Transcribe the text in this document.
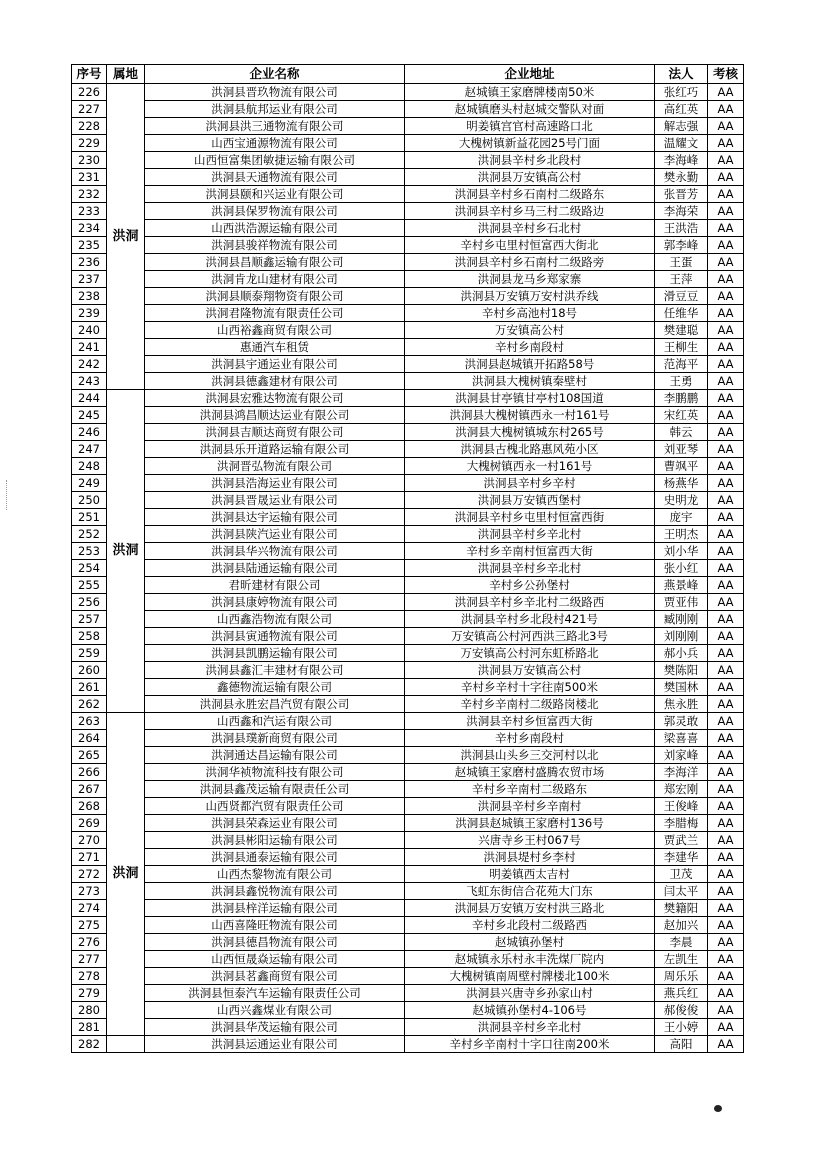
序号	属地	企业名称	企业地址	法人	考核
226	洪洞	洪洞县晋玖物流有限公司	赵城镇王家磨牌楼南50米	张红巧	AA
227		洪洞县航邦运业有限公司	赵城镇磨头村赵城交警队对面	高红英	AA
228		洪洞县洪三通物流有限公司	明姜镇宫官村高速路口北	解志强	AA
229		山西宝通源物流有限公司	大槐树镇新益花园25号门面	温耀文	AA
230		山西恒富集团敏捷运输有限公司	洪洞县辛村乡北段村	李海峰	AA
231		洪洞县天通物流有限公司	洪洞县万安镇高公村	樊永勤	AA
232		洪洞县颐和兴运业有限公司	洪洞县辛村乡石南村二级路东	张晋芳	AA
233		洪洞县保罗物流有限公司	洪洞县辛村乡马三村二级路边	李海荣	AA
234		山西洪浩源运输有限公司	洪洞县辛村乡石北村	王洪浩	AA
235		洪洞县骏祥物流有限公司	辛村乡屯里村恒富西大街北	郭李峰	AA
236		洪洞县昌顺鑫运输有限公司	洪洞县辛村乡石南村二级路旁	王蛋	AA
237		洪洞肯龙山建材有限公司	洪洞县龙马乡郑家寨	王萍	AA
238		洪洞县顺泰翔物资有限公司	洪洞县万安镇万安村洪乔线	滑豆豆	AA
239		洪洞君隆物流有限责任公司	辛村乡高池村18号	任维华	AA
240		山西裕鑫商贸有限公司	万安镇高公村	樊建聪	AA
241		惠通汽车租赁	辛村乡南段村	王柳生	AA
242		洪洞县宇通运业有限公司	洪洞县赵城镇开拓路58号	范海平	AA
243		洪洞县德鑫建材有限公司	洪洞县大槐树镇秦壁村	王勇	AA
244	洪洞	洪洞县宏雅达物流有限公司	洪洞县甘亭镇甘亭村108国道	李鹏鹏	AA
245		洪洞县鸿昌顺达运业有限公司	洪洞县大槐树镇西永一村161号	宋红英	AA
246		洪洞县吉顺达商贸有限公司	洪洞县大槐树镇城东村265号	韩云	AA
247		洪洞县乐开道路运输有限公司	洪洞县古槐北路惠风苑小区	刘亚琴	AA
248		洪洞晋弘物流有限公司	大槐树镇西永一村161号	曹飒平	AA
249		洪洞县浩海运业有限公司	洪洞县辛村乡辛村	杨燕华	AA
250		洪洞县晋晟运业有限公司	洪洞县万安镇西堡村	史明龙	AA
251		洪洞县达宇运输有限公司	洪洞县辛村乡屯里村恒富西街	庞宇	AA
252		洪洞县陕汽运业有限公司	洪洞县辛村乡辛北村	王明杰	AA
253		洪洞县华兴物流有限公司	辛村乡辛南村恒富西大街	刘小华	AA
254		洪洞县陆通运输有限公司	洪洞县辛村乡辛北村	张小红	AA
255		君昕建材有限公司	辛村乡公孙堡村	燕景峰	AA
256		洪洞县康婷物流有限公司	洪洞县辛村乡辛北村二级路西	贾亚伟	AA
257		山西鑫浩物流有限公司	洪洞县辛村乡北段村421号	臧刚刚	AA
258		洪洞县寅通物流有限公司	万安镇高公村河西洪三路北3号	刘刚刚	AA
259		洪洞县凯鹏运输有限公司	万安镇高公村河东虹桥路北	郝小兵	AA
260		洪洞县鑫汇丰建材有限公司	洪洞县万安镇高公村	樊陈阳	AA
261		鑫德物流运输有限公司	辛村乡辛村十字往南500米	樊国林	AA
262		洪洞县永胜宏昌汽贸有限公司	辛村乡辛南村二级路岗楼北	焦永胜	AA
263	洪洞	山西鑫和汽运有限公司	洪洞县辛村乡恒富西大街	郭灵敢	AA
264		洪洞县璞新商贸有限公司	辛村乡南段村	梁喜喜	AA
265		洪洞通达昌运输有限公司	洪洞县山头乡三交河村以北	刘家峰	AA
266		洪洞华祯物流科技有限公司	赵城镇王家磨村盛腾农贸市场	李海洋	AA
267		洪洞县鑫茂运输有限责任公司	辛村乡辛南村二级路东	郑宏刚	AA
268		山西贤都汽贸有限责任公司	洪洞县辛村乡辛南村	王俊峰	AA
269		洪洞县荣森运业有限公司	洪洞县赵城镇王家磨村136号	李腊梅	AA
270		洪洞县彬阳运输有限公司	兴唐寺乡王村067号	贾武兰	AA
271		洪洞县通泰运输有限公司	洪洞县堤村乡李村	李建华	AA
272		山西杰黎物流有限公司	明姜镇西太吉村	卫茂	AA
273		洪洞县鑫悦物流有限公司	飞虹东街信合花苑大门东	闫太平	AA
274		洪洞县梓洋运输有限公司	洪洞县万安镇万安村洪三路北	樊籍阳	AA
275		山西喜隆旺物流有限公司	辛村乡北段村二级路西	赵加兴	AA
276		洪洞县德昌物流有限公司	赵城镇孙堡村	李晨	AA
277		山西恒晟焱运输有限公司	赵城镇永乐村永丰洗煤厂院内	左凯生	AA
278		洪洞县茗鑫商贸有限公司	大槐树镇南周壁村牌楼北100米	周乐乐	AA
279		洪洞县恒泰汽车运输有限责任公司	洪洞县兴唐寺乡孙家山村	燕兵红	AA
280		山西兴鑫煤业有限公司	赵城镇孙堡村4-106号	郝俊俊	AA
281		洪洞县华茂运输有限公司	洪洞县辛村乡辛北村	王小婷	AA
282		洪洞县运通运业有限公司	辛村乡辛南村十字口往南200米	高阳	AA
